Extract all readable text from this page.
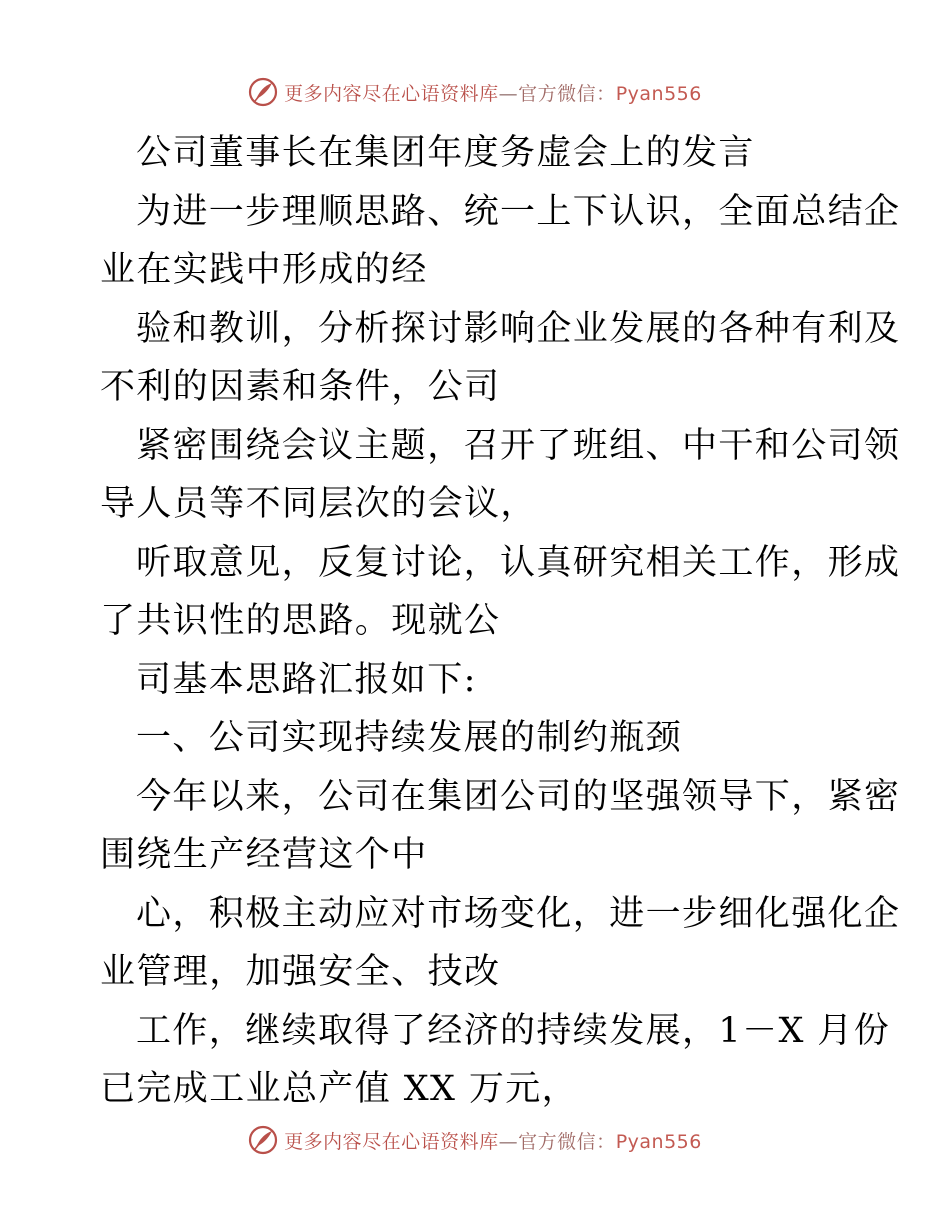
更多内容尽在心语资料库—官方微信：Pyan556
公司董事长在集团年度务虚会上的发言
为进一步理顺思路、统一上下认识，全面总结企
业在实践中形成的经
验和教训，分析探讨影响企业发展的各种有利及
不利的因素和条件，公司
紧密围绕会议主题，召开了班组、中干和公司领
导人员等不同层次的会议，
听取意见，反复讨论，认真研究相关工作，形成
了共识性的思路。现就公
司基本思路汇报如下:
一、公司实现持续发展的制约瓶颈
今年以来，公司在集团公司的坚强领导下，紧密
围绕生产经营这个中
心，积极主动应对市场变化，进一步细化强化企
业管理，加强安全、技改
工作，继续取得了经济的持续发展，1－X 月份
已完成工业总产值 XX 万元，
更多内容尽在心语资料库—官方微信：Pyan556
